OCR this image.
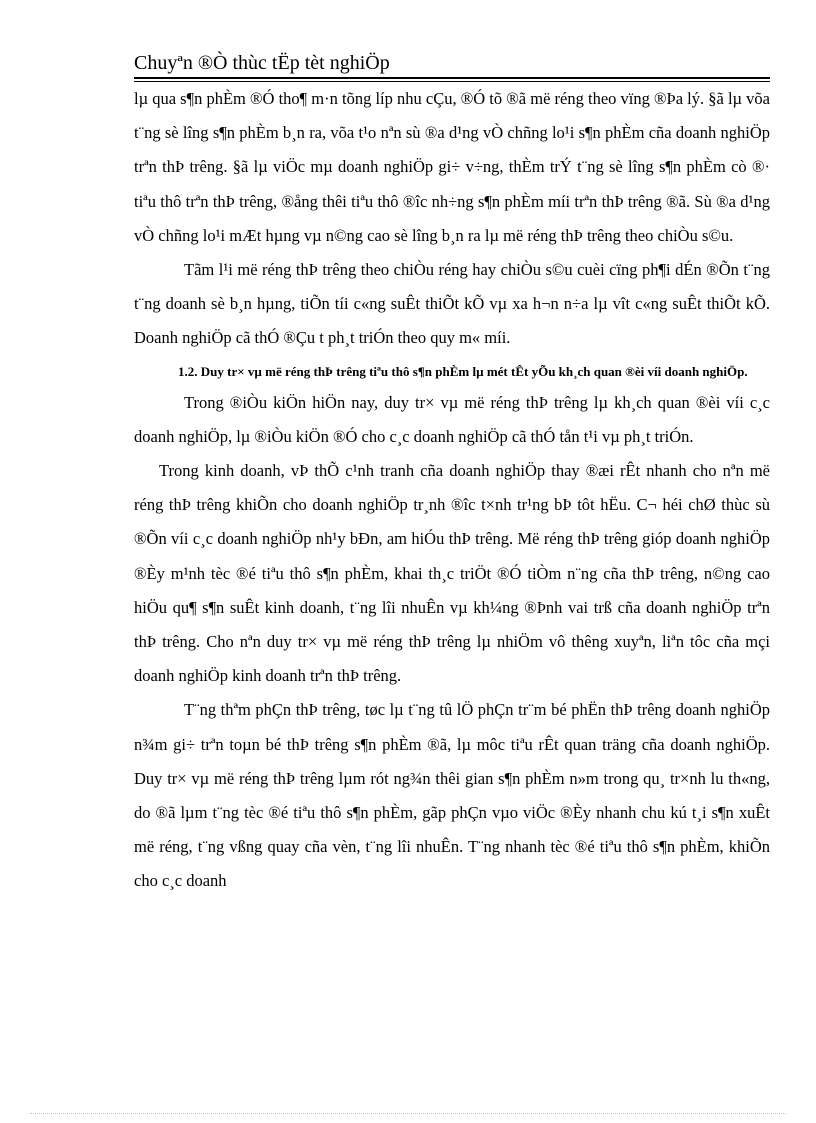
Chuyªn ®Ò thùc tËp tèt nghiÖp

lµ qua s¶n phÈm ®Ó tho¶ m·n tõng líp nhu cÇu, ®Ó tõ ®ã më réng theo vïng ®Þa lý. §ã lµ võa t¨ng sè lîng s¶n phÈm b¸n ra, võa t¹o nªn sù ®a d¹ng vÒ chñng lo¹i s¶n phÈm cña doanh nghiÖp trªn thÞ trêng. §ã lµ viÖc mµ doanh nghiÖp gi÷ v÷ng, thÈm trÝ t¨ng sè lîng s¶n phÈm cò ®· tiªu thô trªn thÞ trêng, ®ång thêi tiªu thô ®îc nh÷ng s¶n phÈm míi trªn thÞ trêng ®ã. Sù ®a d¹ng vÒ chñng lo¹i mÆt hµng vµ n©ng cao sè lîng b¸n ra lµ më réng thÞ trêng theo chiÒu s©u.

Tãm l¹i më réng thÞ trêng theo chiÒu réng hay chiÒu s©u cuèi cïng ph¶i dÉn ®Õn t¨ng t¨ng doanh sè b¸n hµng, tiÕn tíi c«ng suÊt thiÕt kÕ vµ xa h¬n n÷a lµ vît c«ng suÊt thiÕt kÕ. Doanh nghiÖp cã thÓ ®Çu t ph¸t triÓn theo quy m« míi.

1.2. Duy tr× vµ më réng thÞ trêng tiªu thô s¶n phÈm lµ mét tÊt yÕu kh¸ch quan ®èi víi doanh nghiÖp.

Trong ®iÒu kiÖn hiÖn nay, duy tr× vµ më réng thÞ trêng lµ kh¸ch quan ®èi víi c¸c doanh nghiÖp, lµ ®iÒu kiÖn ®Ó cho c¸c doanh nghiÖp cã thÓ tån t¹i vµ ph¸t triÓn.

Trong kinh doanh, vÞ thÕ c¹nh tranh cña doanh nghiÖp thay ®æi rÊt nhanh cho nªn më réng thÞ trêng khiÕn cho doanh nghiÖp tr¸nh ®îc t×nh tr¹ng bÞ tôt hËu. C¬ héi chØ thùc sù ®Õn víi c¸c doanh nghiÖp nh¹y bÐn, am hiÓu thÞ trêng. Më réng thÞ trêng gióp doanh nghiÖp ®Èy m¹nh tèc ®é tiªu thô s¶n phÈm, khai th¸c triÖt ®Ó tiÒm n¨ng cña thÞ trêng, n©ng cao hiÖu qu¶ s¶n suÊt kinh doanh, t¨ng lîi nhuÊn vµ kh¼ng ®Þnh vai trß cña doanh nghiÖp trªn thÞ trêng. Cho nªn duy tr× vµ më réng thÞ trêng lµ nhiÖm vô thêng xuyªn, liªn tôc cña mçi doanh nghiÖp kinh doanh trªn thÞ trêng.

T¨ng thªm phÇn thÞ trêng, tøc lµ t¨ng tû lÖ phÇn tr¨m bé phËn thÞ trêng doanh nghiÖp n¾m gi÷ trªn toµn bé thÞ trêng s¶n phÈm ®ã, lµ môc tiªu rÊt quan träng cña doanh nghiÖp. Duy tr× vµ më réng thÞ trêng lµm rót ng¾n thêi gian s¶n phÈm n»m trong qu¸ tr×nh lu th«ng, do ®ã lµm t¨ng tèc ®é tiªu thô s¶n phÈm, gãp phÇn vµo viÖc ®Èy nhanh chu kú t¸i s¶n xuÊt më réng, t¨ng vßng quay cña vèn, t¨ng lîi nhuÊn. T¨ng nhanh tèc ®é tiªu thô s¶n phÈm, khiÕn cho c¸c doanh
